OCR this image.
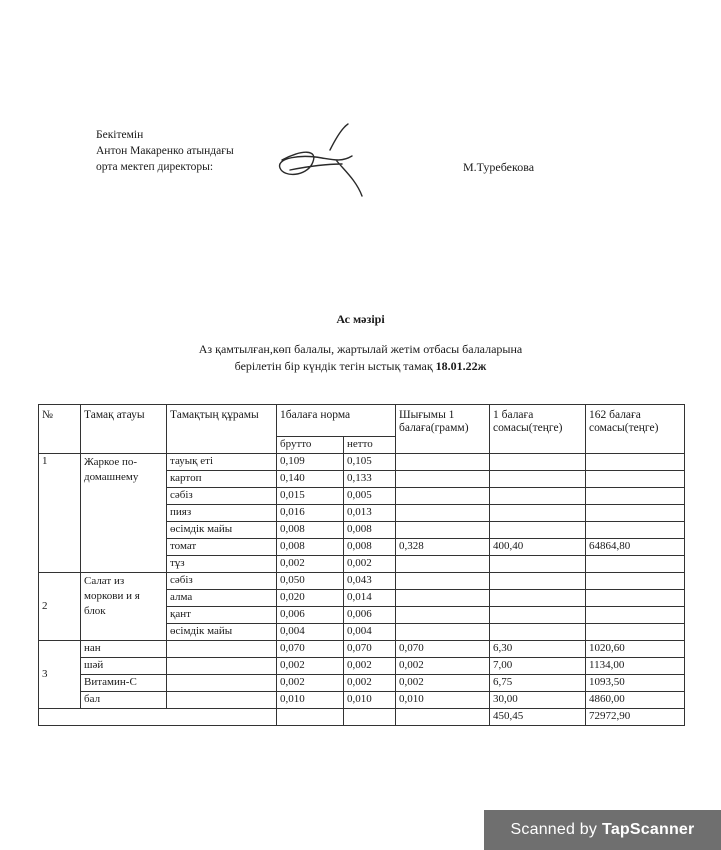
Бекітемін
Антон Макаренко атындағы
орта мектеп директоры:	М.Туребекова
Ас мәзірі
Аз қамтылған,көп балалы, жартылай жетім отбасы балаларына
берілетін бір күндік тегін ыстық тамақ 18.01.22ж
№	Тамақ атауы	Тамақтың құрамы	1балаға норма		Шығымы 1 балаға(грамм)	1 балаға сомасы(теңге)	162 балаға сомасы(теңге)
			брутто	нетто			
1	Жаркое по-домашнему	тауық еті	0,109	0,105			
		картоп	0,140	0,133			
		сәбіз	0,015	0,005			
		пияз	0,016	0,013			
		өсімдік майы	0,008	0,008			
		томат	0,008	0,008	0,328	400,40	64864,80
		тұз	0,002	0,002			
2	Салат из моркови и я блок	сәбіз	0,050	0,043			
		алма	0,020	0,014			
		қант	0,006	0,006			
		өсімдік майы	0,004	0,004			
3	нан		0,070	0,070	0,070	6,30	1020,60
	шәй		0,002	0,002	0,002	7,00	1134,00
	Витамин-С		0,002	0,002	0,002	6,75	1093,50
	бал		0,010	0,010	0,010	30,00	4860,00
						450,45	72972,90
Scanned by TapScanner
